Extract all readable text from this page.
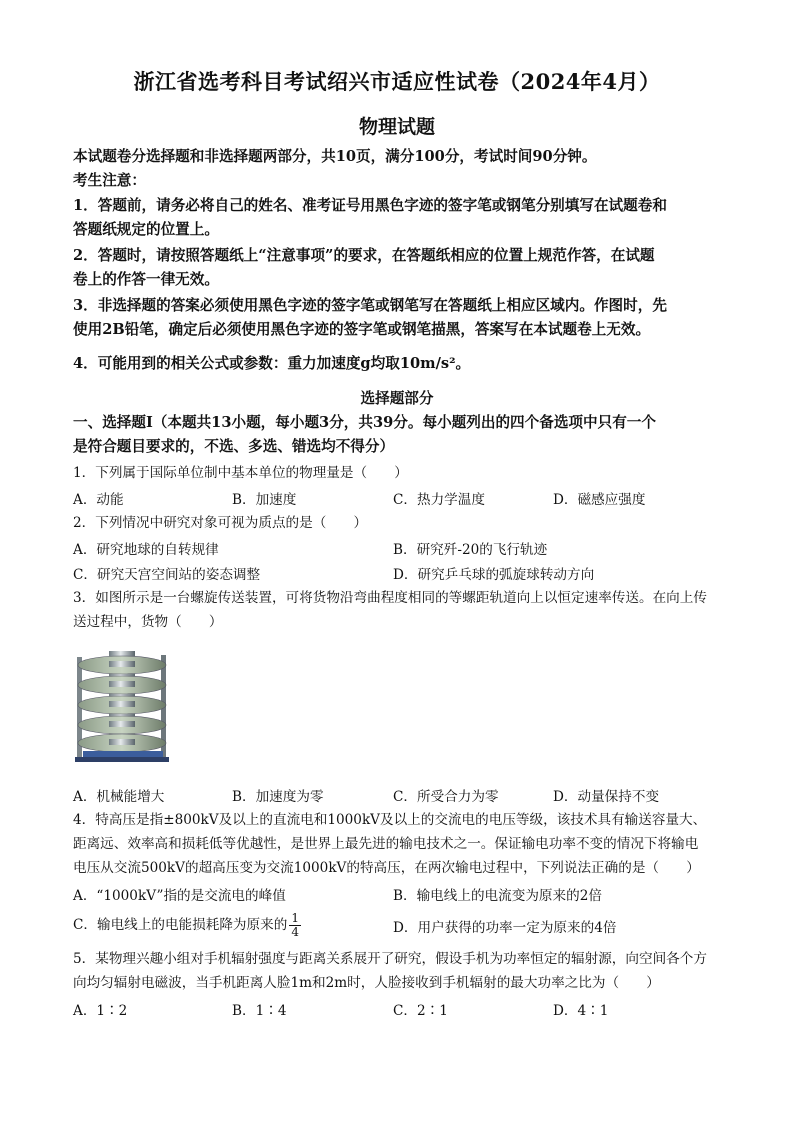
浙江省选考科目考试绍兴市适应性试卷（2024年4月）
物理试题
本试题卷分选择题和非选择题两部分，共10页，满分100分，考试时间90分钟。
考生注意：
1．答题前，请务必将自己的姓名、准考证号用黑色字迹的签字笔或钢笔分别填写在试题卷和
答题纸规定的位置上。
2．答题时，请按照答题纸上“注意事项”的要求，在答题纸相应的位置上规范作答，在试题
卷上的作答一律无效。
3．非选择题的答案必须使用黑色字迹的签字笔或钢笔写在答题纸上相应区域内。作图时，先
使用2B铅笔，确定后必须使用黑色字迹的签字笔或钢笔描黑，答案写在本试题卷上无效。
4．可能用到的相关公式或参数：重力加速度g均取10m/s²。
选择题部分
一、选择题Ⅰ（本题共13小题，每小题3分，共39分。每小题列出的四个备选项中只有一个
是符合题目要求的，不选、多选、错选均不得分）
1．下列属于国际单位制中基本单位的物理量是（　　）
A．动能	B．加速度	C．热力学温度	D．磁感应强度
2．下列情况中研究对象可视为质点的是（　　）
A．研究地球的自转规律	B．研究歼-20的飞行轨迹
C．研究天宫空间站的姿态调整	D．研究乒乓球的弧旋球转动方向
3．如图所示是一台螺旋传送装置，可将货物沿弯曲程度相同的等螺距轨道向上以恒定速率传送。在向上传
送过程中，货物（　　）
A．机械能增大	B．加速度为零	C．所受合力为零	D．动量保持不变
4．特高压是指±800kV及以上的直流电和1000kV及以上的交流电的电压等级，该技术具有输送容量大、
距离远、效率高和损耗低等优越性，是世界上最先进的输电技术之一。保证输电功率不变的情况下将输电
电压从交流500kV的超高压变为交流1000kV的特高压，在两次输电过程中，下列说法正确的是（　　）
A．“1000kV”指的是交流电的峰值	B．输电线上的电流变为原来的2倍
C．输电线上的电能损耗降为原来的 $\frac{1}{4}$	D．用户获得的功率一定为原来的4倍
5．某物理兴趣小组对手机辐射强度与距离关系展开了研究，假设手机为功率恒定的辐射源，向空间各个方
向均匀辐射电磁波，当手机距离人脸1m和2m时，人脸接收到手机辐射的最大功率之比为（　　）
A．1∶2	B．1∶4	C．2∶1	D．4∶1
